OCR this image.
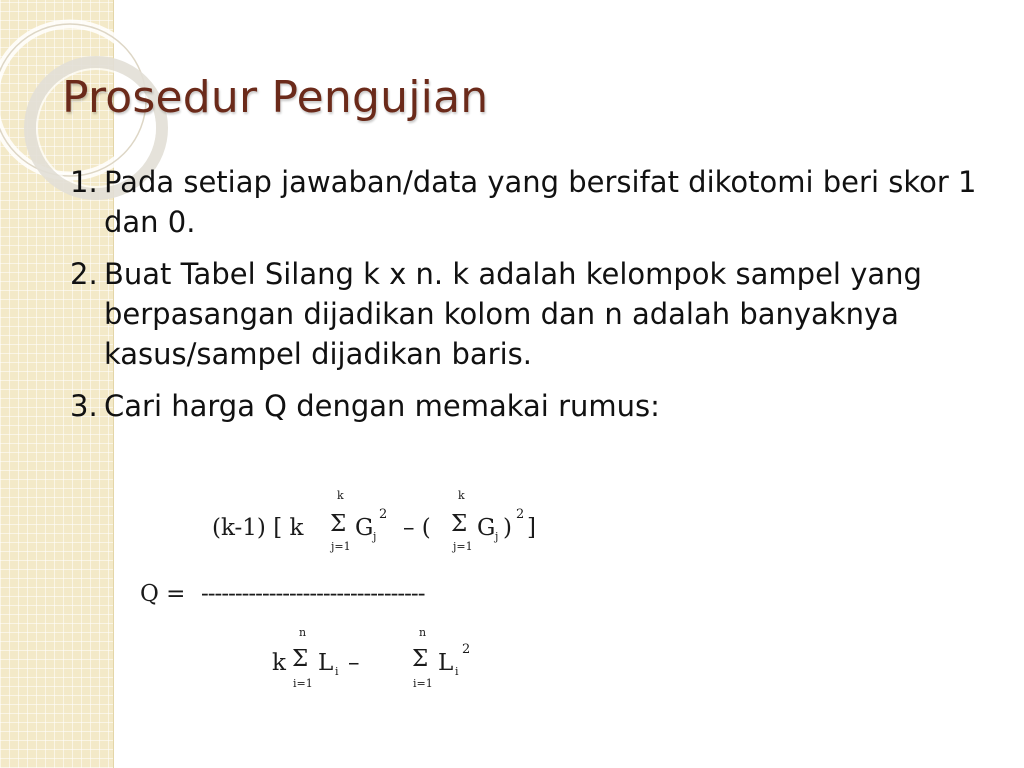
Prosedur Pengujian
1. Pada setiap jawaban/data yang bersifat dikotomi beri skor 1 dan 0.
2. Buat Tabel Silang k x n. k adalah kelompok sampel yang berpasangan dijadikan kolom dan n adalah banyaknya kasus/sampel dijadikan baris.
3. Cari harga Q dengan memakai rumus:
(k-1) [ k
k
Σ
j=1
G j
2
– (
k
Σ
j=1
G j )
2
]
Q = ---------------------------------
k
n
Σ
i=1
L i –
n
Σ
i=1
L i
2
